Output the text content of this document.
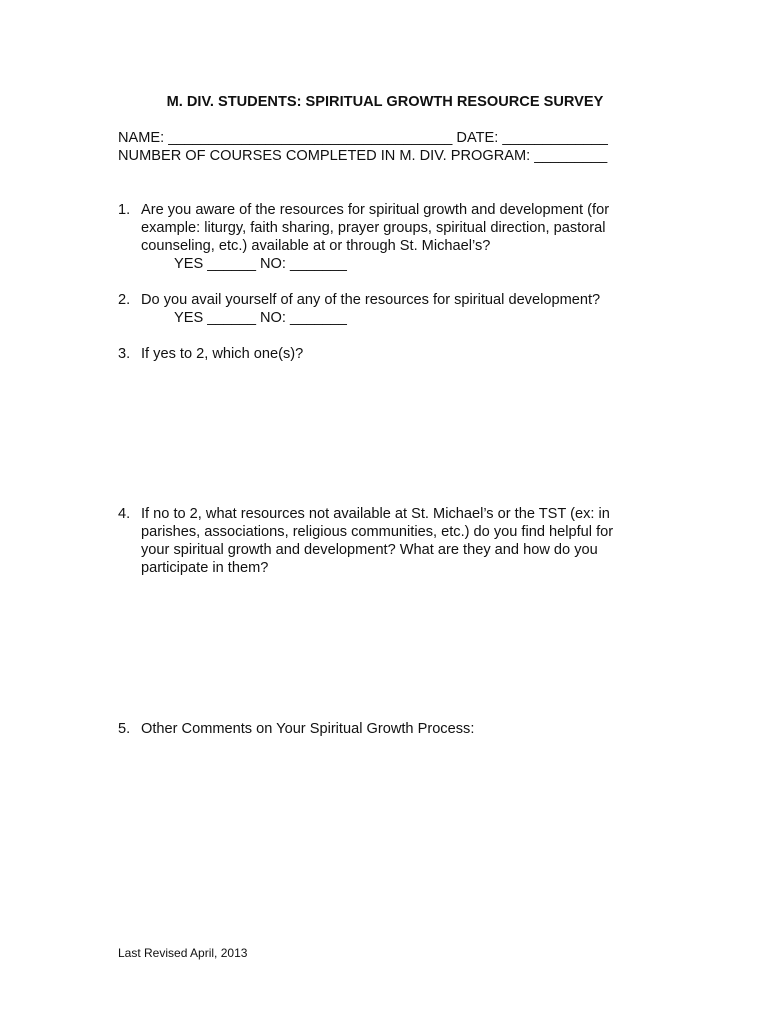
M. DIV. STUDENTS: SPIRITUAL GROWTH RESOURCE SURVEY
NAME: ___________________________________ DATE: _____________
NUMBER OF COURSES COMPLETED IN M. DIV. PROGRAM: _________
1. Are you aware of the resources for spiritual growth and development (for
example: liturgy, faith sharing, prayer groups, spiritual direction, pastoral
counseling, etc.) available at or through St. Michael’s?
YES ______ NO: _______
2. Do you avail yourself of any of the resources for spiritual development?
YES ______ NO: _______
3. If yes to 2, which one(s)?
4. If no to 2, what resources not available at St. Michael’s or the TST (ex: in
parishes, associations, religious communities, etc.) do you find helpful for
your spiritual growth and development? What are they and how do you
participate in them?
5. Other Comments on Your Spiritual Growth Process:
Last Revised April, 2013
